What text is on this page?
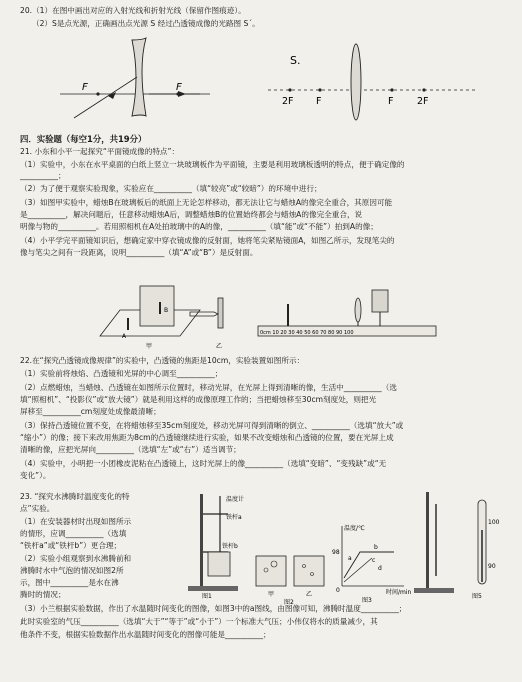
20.（1）在图中画出对应的入射光线和折射光线（保留作图痕迹）。
（2）S是点光源，正确画出点光源 S 经过凸透镜成像的光路图 S´。
F	F
S.
2F F	F 2F
四．实验题（每空1分，共19分）
21. 小东和小平一起探究“平面镜成像的特点”：
（1）实验中，小东在水平桌面的白纸上竖立一块玻璃板作为平面镜，主要是利用玻璃板透明的特点，便于确定像的
__________；
（2）为了便于观察实验现象，实验应在__________（填“较亮”或“较暗”）的环境中进行；
（3）如图甲实验中，蜡烛B在玻璃板后的纸面上无论怎样移动，都无法让它与蜡烛A的像完全重合，其原因可能
是__________，解决问题后，任意移动蜡烛A后，调整蜡烛B的位置始终都会与蜡烛A的像完全重合，说
明像与物的__________。若用照相机在A处拍玻璃中的A的像，__________（填“能”或“不能”）拍到A的像；
（4）小平学完平面镜知识后，想确定家中穿衣镜成像的反射面，她将笔尖紧贴镜面A，如图乙所示，发现笔尖的
像与笔尖之间有一段距离，说明__________（填“A”或“B”）是反射面。
A
B
甲	乙
0cm 10 20 30 40 50 60 70 80 90 100
22.在“探究凸透镜成像规律”的实验中，凸透镜的焦距是10cm，实验装置如图所示：
（1）实验前将烛焰、凸透镜和光屏的中心调至__________；
（2）点燃蜡烛，当蜡烛、凸透镜在如图所示位置时，移动光屏，在光屏上得到清晰的像，生活中__________（选
填“照相机”、“投影仪”或“放大镜”）就是利用这样的成像原理工作的；当把蜡烛移至30cm刻度处，则把光
屏移至__________cm刻度处成像最清晰；
（3）保持凸透镜位置不变，在将蜡烛移至35cm刻度处，移动光屏可得到清晰的倒立、__________（选填“放大”或
“缩小”）的像；接下来改用焦距为8cm的凸透镜继续进行实验，如果不改变蜡烛和凸透镜的位置，要在光屏上成
清晰的像，应把光屏向__________（选填“左”或“右”）适当调节；
（4）实验中，小明把一小团橡皮泥粘在凸透镜上，这时光屏上的像__________（选填“变暗”、“变残缺”或“无
变化”）。
23. “探究水沸腾时温度变化的特
点”实验。
（1）在安装器材时出现如图所示
的情形，应调__________（选填
“铁杆a”或“铁杆b”）更合理；
（2）实验小组观察到水沸腾前和
沸腾时水中气泡的情况如图2所
示，图中__________是水在沸
腾时的情况；
温度计
铁杆a
铁杆b
图1	甲	乙
图2
温度/℃
时间/min
98
a
b
c
d
0
图3
100
90
图5
（3）小兰根据实验数据，作出了水温随时间变化的图像，如图3中的a图线，由图像可知，沸腾时温度__________；
此时实验室的气压__________（选填“大于”“等于”或“小于”）一个标准大气压；小伟仅将水的质量减少，其
他条件不变，根据实验数据作出水温随时间变化的图像可能是__________；
